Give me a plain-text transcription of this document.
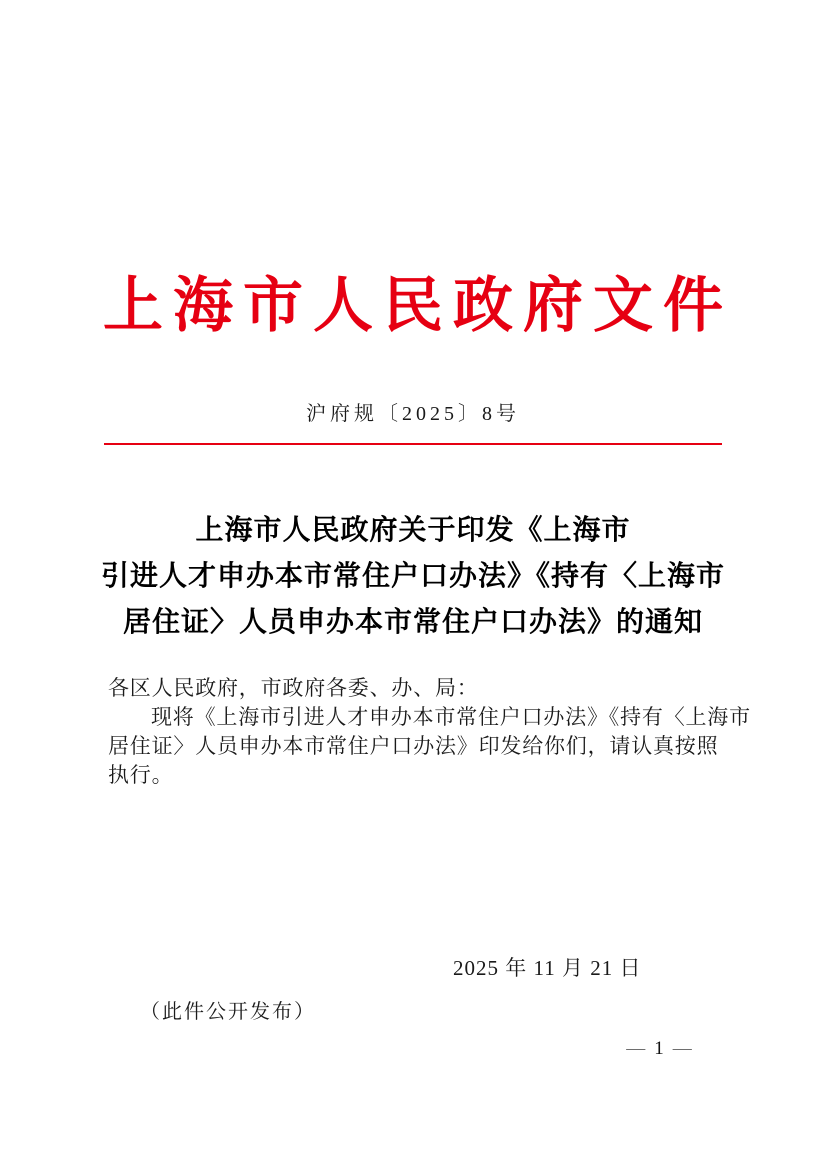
上海市人民政府文件
沪府规〔2025〕8号
上海市人民政府关于印发《上海市
引进人才申办本市常住户口办法》《持有〈上海市
居住证〉人员申办本市常住户口办法》的通知
各区人民政府，市政府各委、办、局：
现将《上海市引进人才申办本市常住户口办法》《持有〈上海市
居住证〉人员申办本市常住户口办法》印发给你们，请认真按照
执行。
2025 年 11 月 21 日
（此件公开发布）
— 1 —
